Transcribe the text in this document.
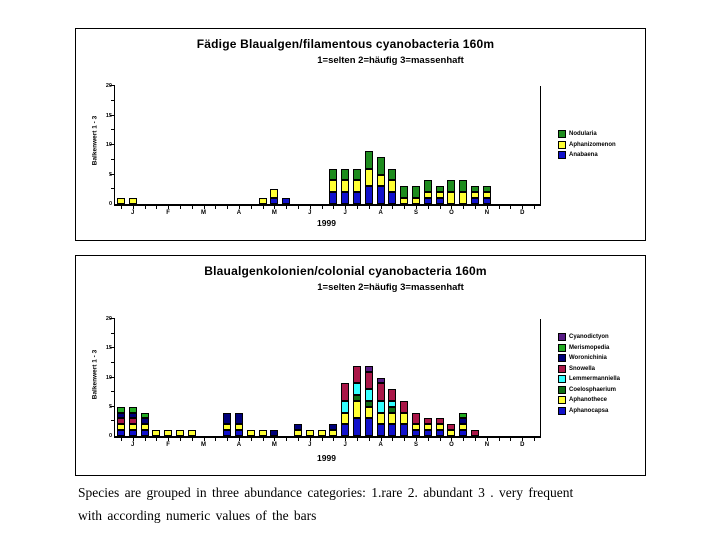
Fädige Blaualgen/filamentous cyanobacteria 160m
1=selten 2=häufig 3=massenhaft
Balkenwert 1 - 3
0
5
10
15
20
J	F	M	A	M	J	J	A	S	O	N	D
1999
Nodularia
Aphanizomenon
Anabaena
Blaualgenkolonien/colonial cyanobacteria 160m
1=selten 2=häufig 3=massenhaft
Balkenwert 1 - 3
0
5
10
15
20
J	F	M	A	M	J	J	A	S	O	N	D
1999
Cyanodictyon
Merismopedia
Woronichinia
Snowella
Lemmermanniella
Coelosphaerium
Aphanothece
Aphanocapsa
Species are grouped in three abundance categories: 1.rare 2. abundant 3 . very frequent
with according numeric values of the bars
